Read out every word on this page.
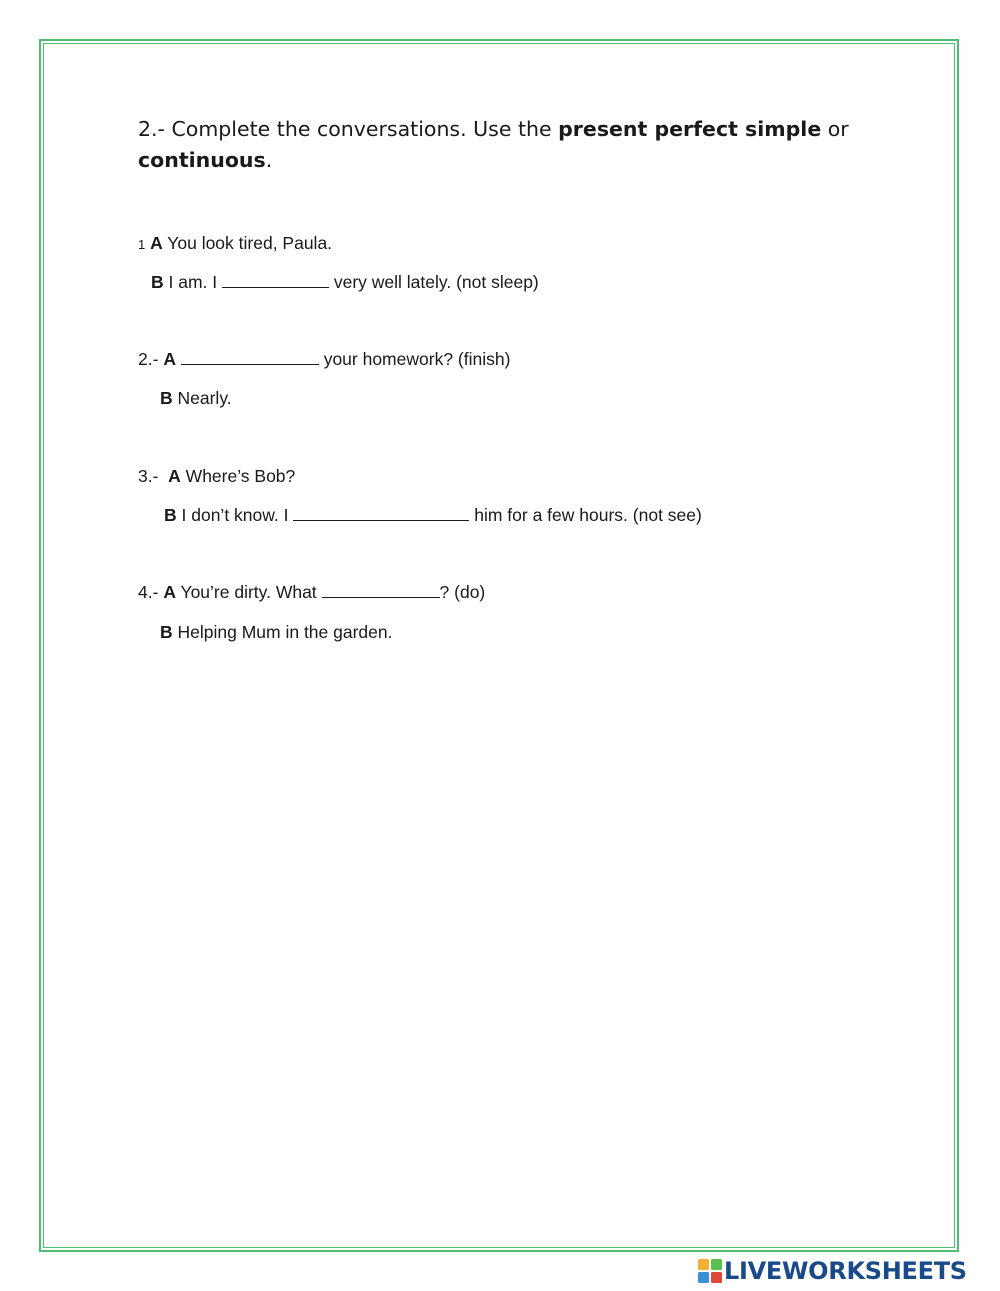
2.- Complete the conversations. Use the present perfect simple or continuous.

1 A You look tired, Paula.
B I am. I	very well lately. (not sleep)
2.- A	your homework? (finish)
B Nearly.
3.- A Where’s Bob?
B I don’t know. I	him for a few hours. (not see)
4.- A You’re dirty. What	? (do)
B Helping Mum in the garden.
LIVEWORKSHEETS
